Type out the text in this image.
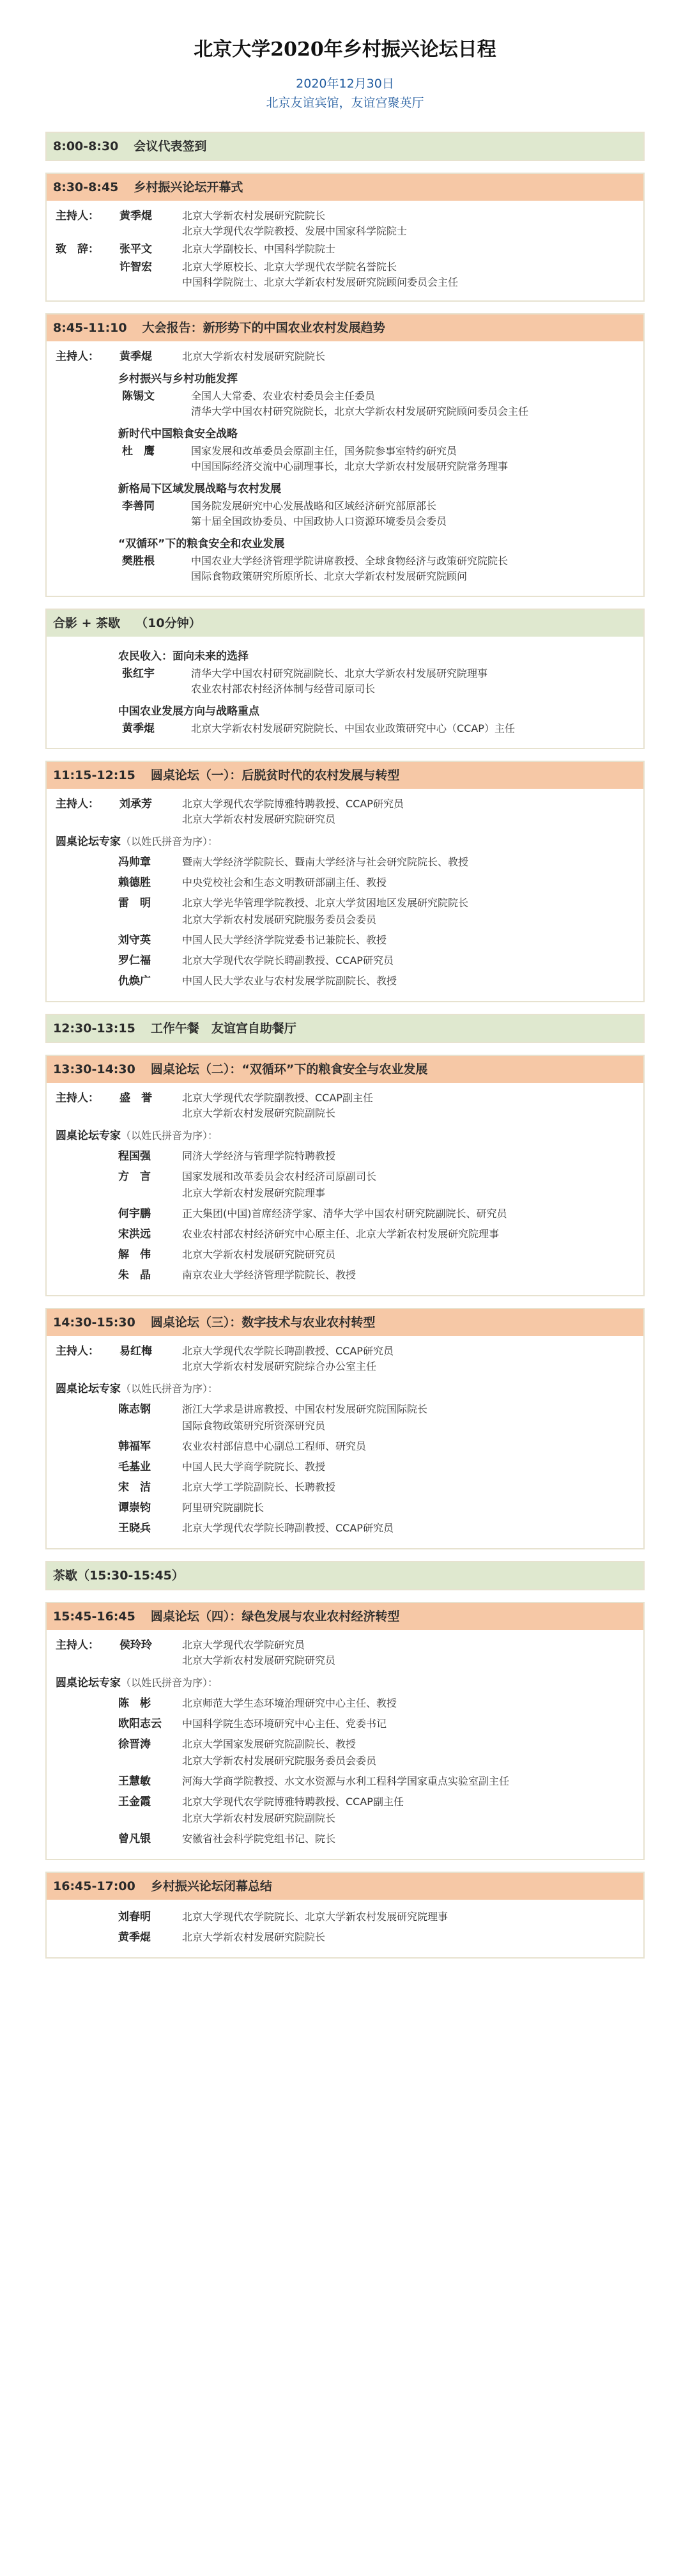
北京大学2020年乡村振兴论坛日程
2020年12月30日
北京友谊宾馆，友谊宫聚英厅
8:00-8:30 会议代表签到
8:30-8:45 乡村振兴论坛开幕式
主持人：	黄季焜	北京大学新农村发展研究院院长
北京大学现代农学院教授、发展中国家科学院院士
致　辞：	张平文	北京大学副校长、中国科学院院士
许智宏	北京大学原校长、北京大学现代农学院名誉院长
中国科学院院士、北京大学新农村发展研究院顾问委员会主任
8:45-11:10 大会报告：新形势下的中国农业农村发展趋势
主持人：	黄季焜	北京大学新农村发展研究院院长
乡村振兴与乡村功能发挥
陈锡文	全国人大常委、农业农村委员会主任委员
清华大学中国农村研究院院长，北京大学新农村发展研究院顾问委员会主任
新时代中国粮食安全战略
杜　鹰	国家发展和改革委员会原副主任，国务院参事室特约研究员
中国国际经济交流中心副理事长，北京大学新农村发展研究院常务理事
新格局下区域发展战略与农村发展
李善同	国务院发展研究中心发展战略和区域经济研究部原部长
第十届全国政协委员、中国政协人口资源环境委员会委员
“双循环”下的粮食安全和农业发展
樊胜根	中国农业大学经济管理学院讲席教授、全球食物经济与政策研究院院长
国际食物政策研究所原所长、北京大学新农村发展研究院顾问
合影 + 茶歇 （10分钟）
农民收入：面向未来的选择
张红宇	清华大学中国农村研究院副院长、北京大学新农村发展研究院理事
农业农村部农村经济体制与经营司原司长
中国农业发展方向与战略重点
黄季焜	北京大学新农村发展研究院院长、中国农业政策研究中心（CCAP）主任
11:15-12:15 圆桌论坛（一）：后脱贫时代的农村发展与转型
主持人：	刘承芳	北京大学现代农学院博雅特聘教授、CCAP研究员
北京大学新农村发展研究院研究员
圆桌论坛专家（以姓氏拼音为序）：
冯帅章	暨南大学经济学院院长、暨南大学经济与社会研究院院长、教授
赖德胜	中央党校社会和生态文明教研部副主任、教授
雷　明	北京大学光华管理学院教授、北京大学贫困地区发展研究院院长
北京大学新农村发展研究院服务委员会委员
刘守英	中国人民大学经济学院党委书记兼院长、教授
罗仁福	北京大学现代农学院长聘副教授、CCAP研究员
仇焕广	中国人民大学农业与农村发展学院副院长、教授
12:30-13:15 工作午餐　友谊宫自助餐厅
13:30-14:30 圆桌论坛（二）：“双循环”下的粮食安全与农业发展
主持人：	盛　誉	北京大学现代农学院副教授、CCAP副主任
北京大学新农村发展研究院副院长
圆桌论坛专家（以姓氏拼音为序）：
程国强	同济大学经济与管理学院特聘教授
方　言	国家发展和改革委员会农村经济司原副司长
北京大学新农村发展研究院理事
何宇鹏	正大集团(中国)首席经济学家、清华大学中国农村研究院副院长、研究员
宋洪远	农业农村部农村经济研究中心原主任、北京大学新农村发展研究院理事
解　伟	北京大学新农村发展研究院研究员
朱　晶	南京农业大学经济管理学院院长、教授
14:30-15:30 圆桌论坛（三）：数字技术与农业农村转型
主持人：	易红梅	北京大学现代农学院长聘副教授、CCAP研究员
北京大学新农村发展研究院综合办公室主任
圆桌论坛专家（以姓氏拼音为序）：
陈志钢	浙江大学求是讲席教授、中国农村发展研究院国际院长
国际食物政策研究所资深研究员
韩福军	农业农村部信息中心副总工程师、研究员
毛基业	中国人民大学商学院院长、教授
宋　洁	北京大学工学院副院长、长聘教授
谭崇钧	阿里研究院副院长
王晓兵	北京大学现代农学院长聘副教授、CCAP研究员
茶歇（15:30-15:45）
15:45-16:45 圆桌论坛（四）：绿色发展与农业农村经济转型
主持人：	侯玲玲	北京大学现代农学院研究员
北京大学新农村发展研究院研究员
圆桌论坛专家（以姓氏拼音为序）：
陈　彬	北京师范大学生态环境治理研究中心主任、教授
欧阳志云	中国科学院生态环境研究中心主任、党委书记
徐晋涛	北京大学国家发展研究院副院长、教授
北京大学新农村发展研究院服务委员会委员
王慧敏	河海大学商学院教授、水文水资源与水利工程科学国家重点实验室副主任
王金霞	北京大学现代农学院博雅特聘教授、CCAP副主任
北京大学新农村发展研究院副院长
曾凡银	安徽省社会科学院党组书记、院长
16:45-17:00 乡村振兴论坛闭幕总结
刘春明	北京大学现代农学院院长、北京大学新农村发展研究院理事
黄季焜	北京大学新农村发展研究院院长
